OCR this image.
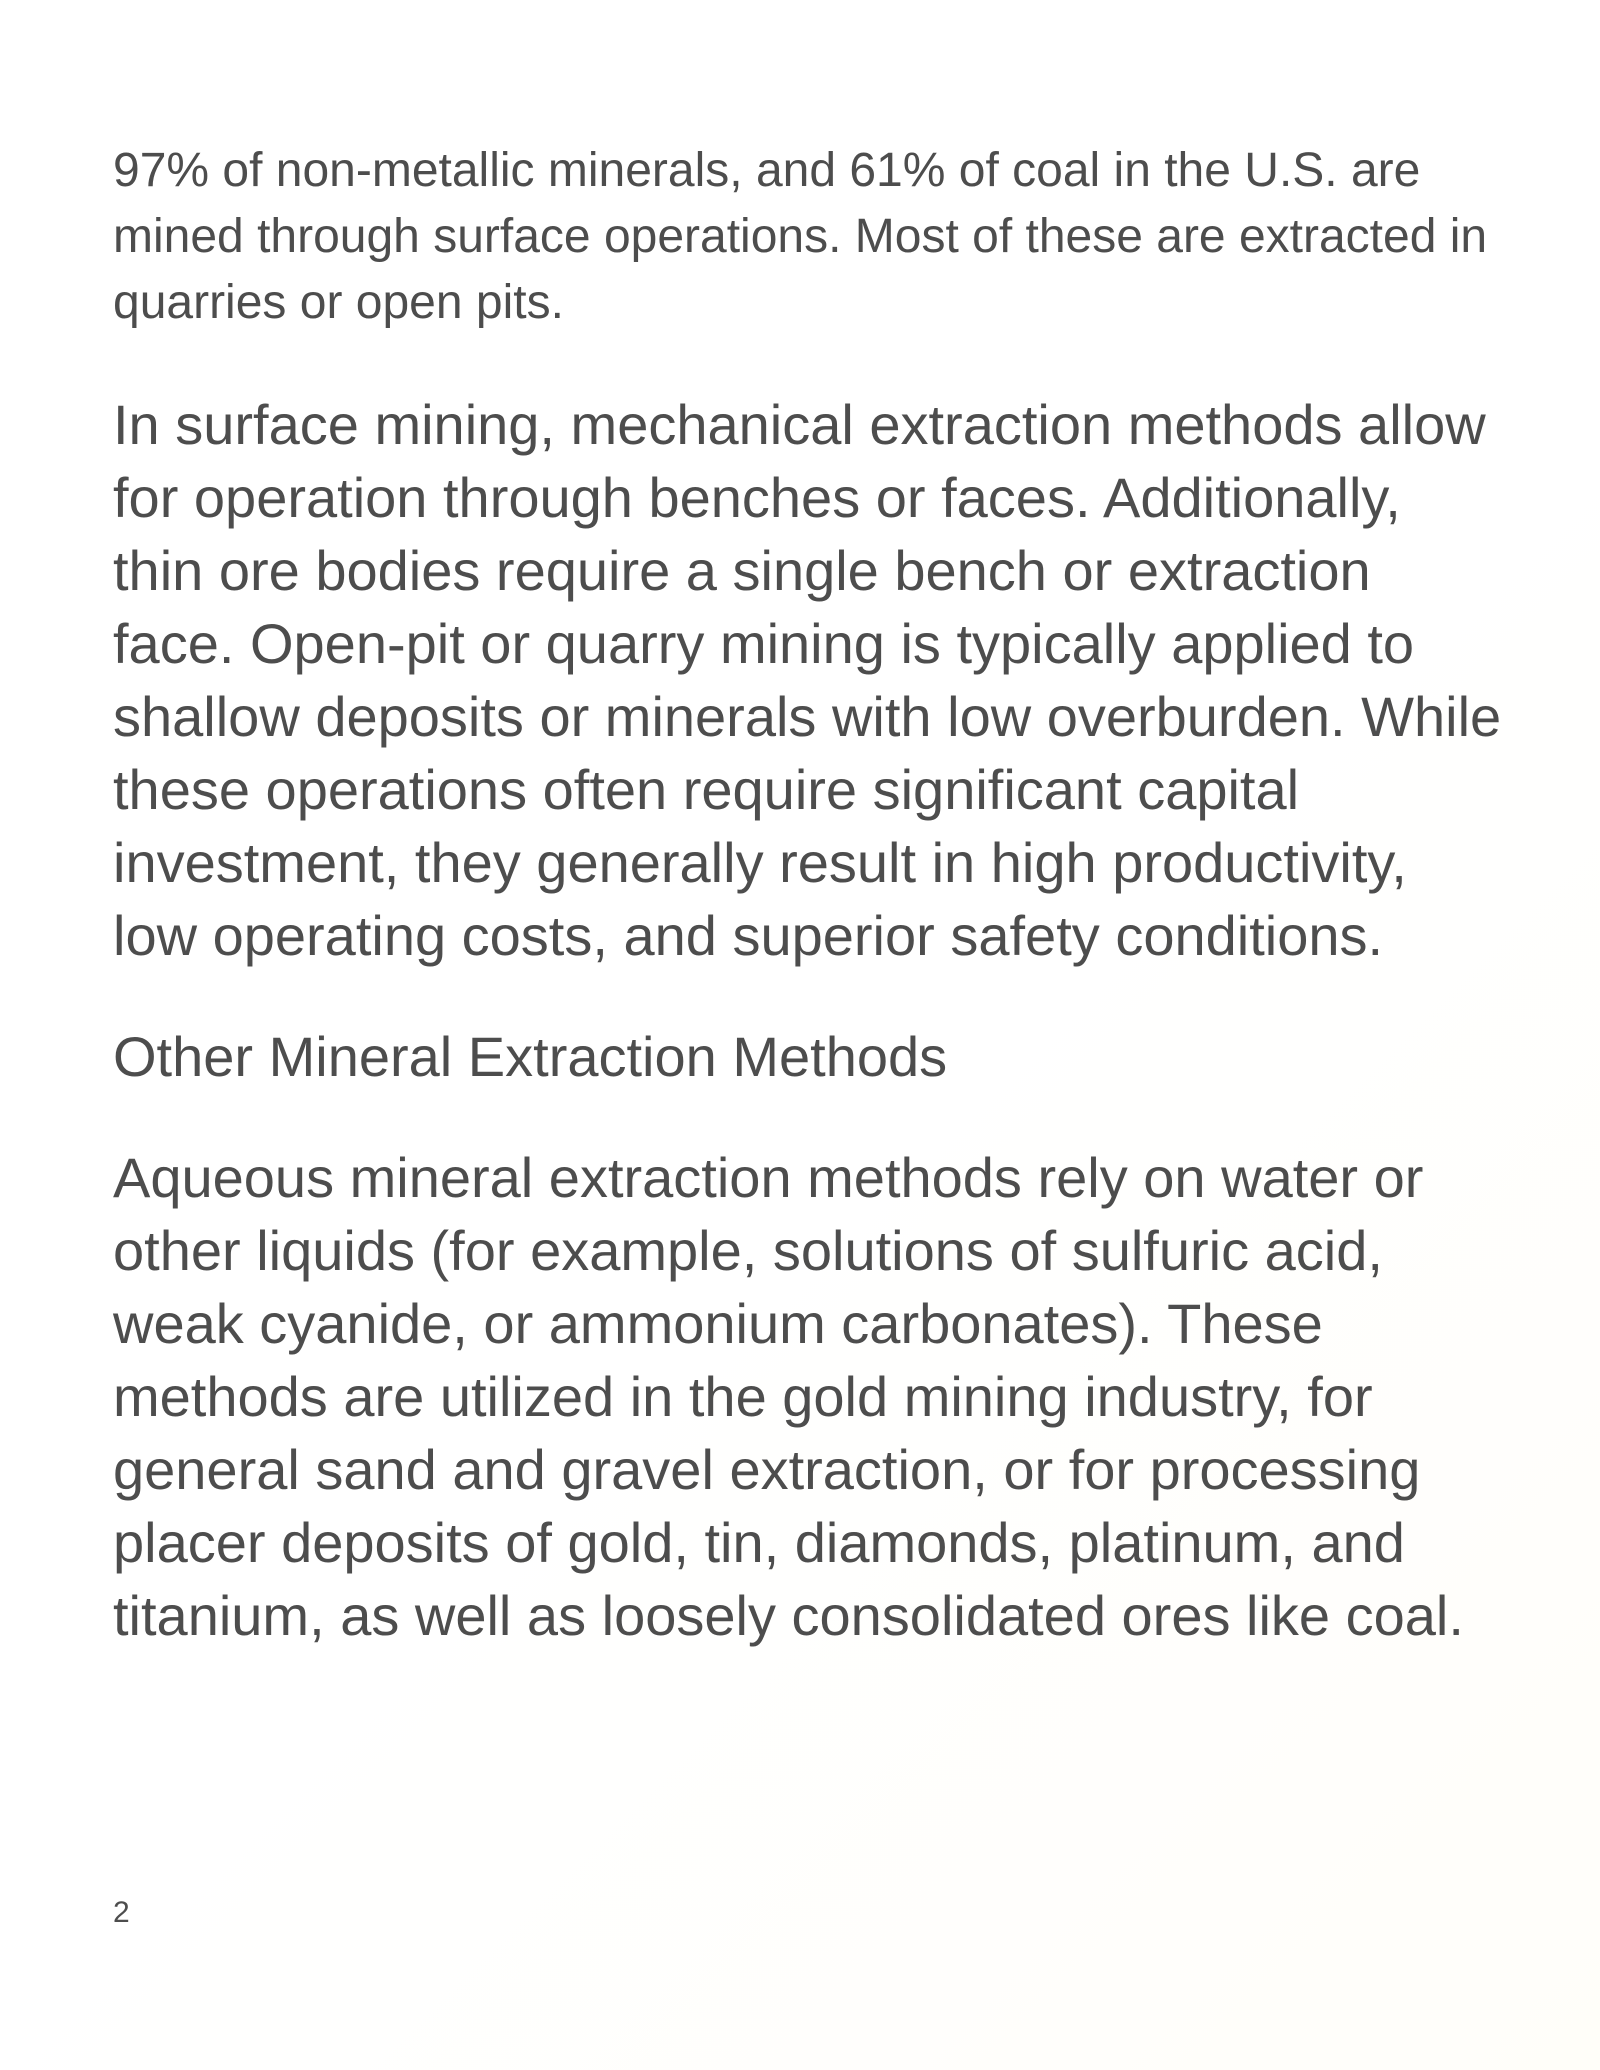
97% of non-metallic minerals, and 61% of coal in the U.S. are mined through surface operations. Most of these are extracted in quarries or open pits.

In surface mining, mechanical extraction methods allow for operation through benches or faces. Additionally, thin ore bodies require a single bench or extraction face. Open-pit or quarry mining is typically applied to shallow deposits or minerals with low overburden. While these operations often require significant capital investment, they generally result in high productivity, low operating costs, and superior safety conditions.

Other Mineral Extraction Methods

Aqueous mineral extraction methods rely on water or other liquids (for example, solutions of sulfuric acid, weak cyanide, or ammonium carbonates). These methods are utilized in the gold mining industry, for general sand and gravel extraction, or for processing placer deposits of gold, tin, diamonds, platinum, and titanium, as well as loosely consolidated ores like coal.

2
